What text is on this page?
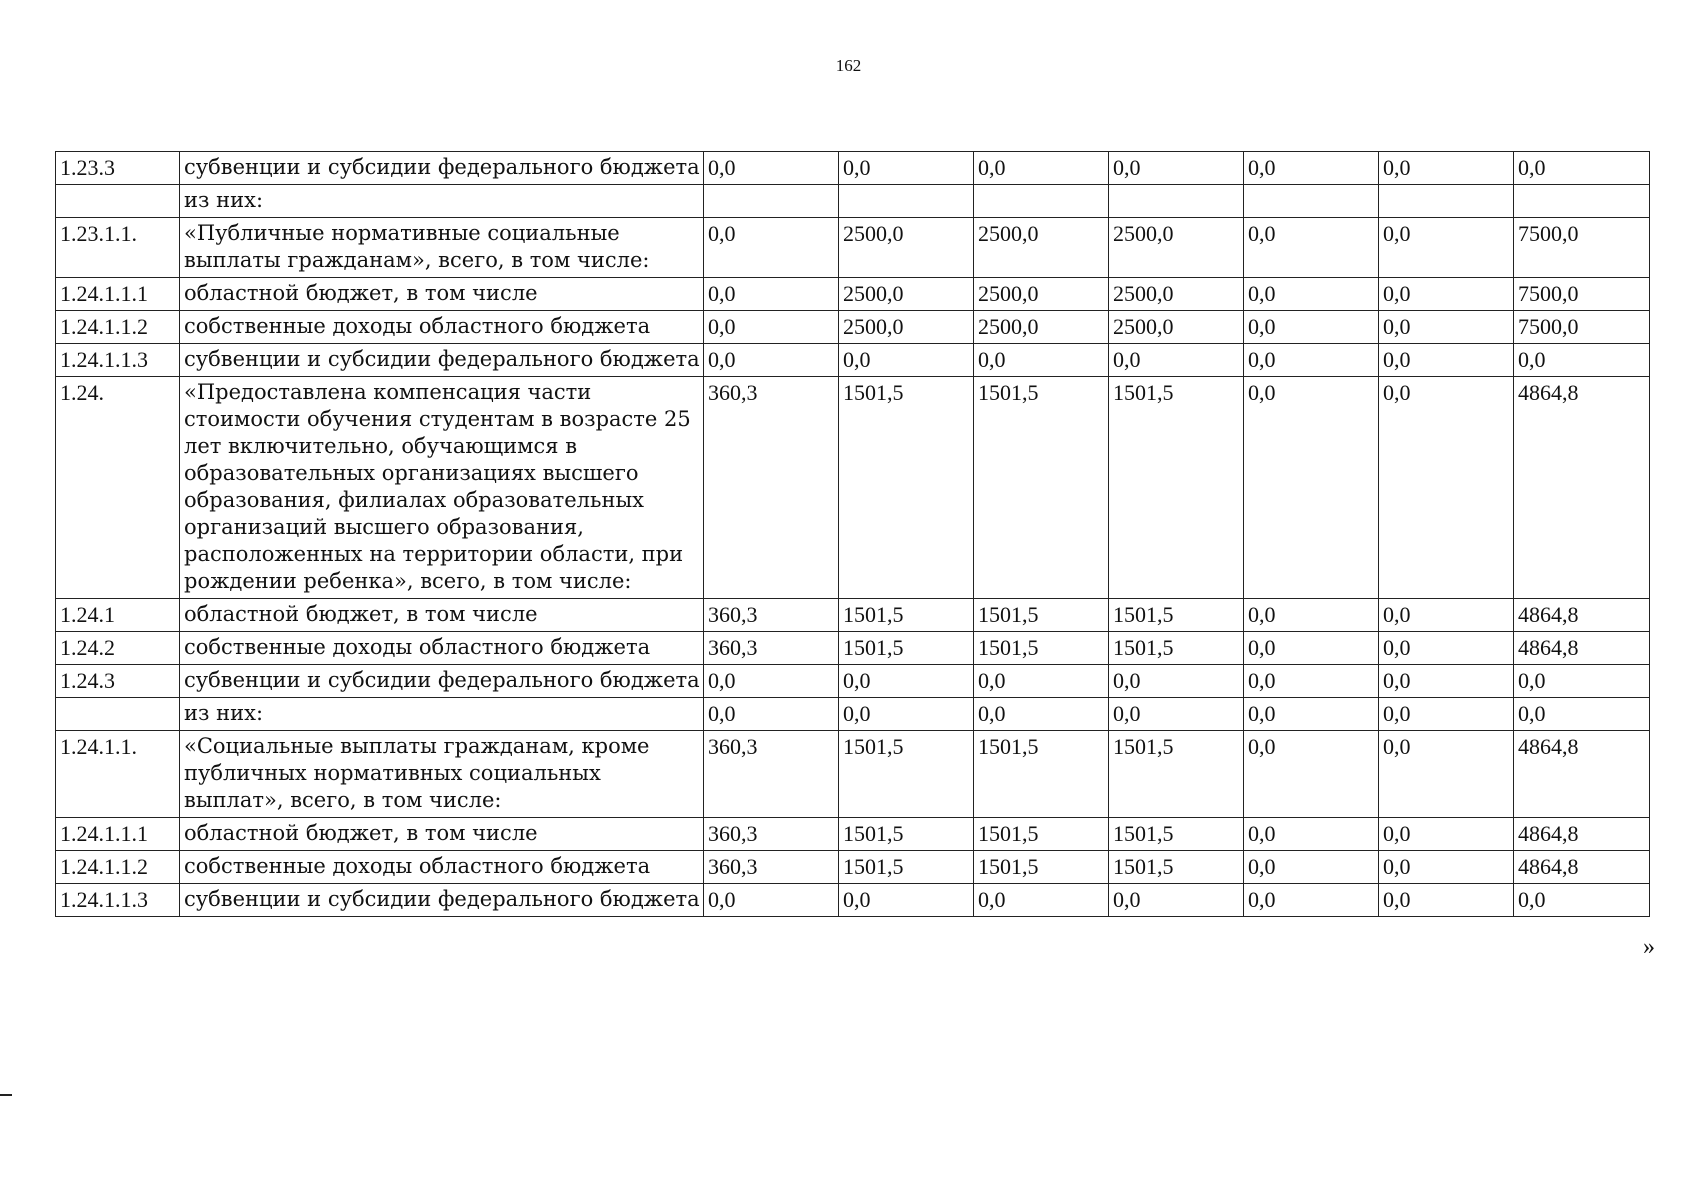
162
1.23.3	субвенции и субсидии федерального бюджета	0,0	0,0	0,0	0,0	0,0	0,0	0,0
	из них:							
1.23.1.1.	«Публичные нормативные социальные выплаты гражданам», всего, в том числе:	0,0	2500,0	2500,0	2500,0	0,0	0,0	7500,0
1.24.1.1.1	областной бюджет, в том числе	0,0	2500,0	2500,0	2500,0	0,0	0,0	7500,0
1.24.1.1.2	собственные доходы областного бюджета	0,0	2500,0	2500,0	2500,0	0,0	0,0	7500,0
1.24.1.1.3	субвенции и субсидии федерального бюджета	0,0	0,0	0,0	0,0	0,0	0,0	0,0
1.24.	«Предоставлена компенсация части стоимости обучения студентам в возрасте 25 лет включительно, обучающимся в образовательных организациях высшего образования, филиалах образовательных организаций высшего образования, расположенных на территории области, при рождении ребенка», всего, в том числе:	360,3	1501,5	1501,5	1501,5	0,0	0,0	4864,8
1.24.1	областной бюджет, в том числе	360,3	1501,5	1501,5	1501,5	0,0	0,0	4864,8
1.24.2	собственные доходы областного бюджета	360,3	1501,5	1501,5	1501,5	0,0	0,0	4864,8
1.24.3	субвенции и субсидии федерального бюджета	0,0	0,0	0,0	0,0	0,0	0,0	0,0
	из них:	0,0	0,0	0,0	0,0	0,0	0,0	0,0
1.24.1.1.	«Социальные выплаты гражданам, кроме публичных нормативных социальных выплат», всего, в том числе:	360,3	1501,5	1501,5	1501,5	0,0	0,0	4864,8
1.24.1.1.1	областной бюджет, в том числе	360,3	1501,5	1501,5	1501,5	0,0	0,0	4864,8
1.24.1.1.2	собственные доходы областного бюджета	360,3	1501,5	1501,5	1501,5	0,0	0,0	4864,8
1.24.1.1.3	субвенции и субсидии федерального бюджета	0,0	0,0	0,0	0,0	0,0	0,0	0,0
»
